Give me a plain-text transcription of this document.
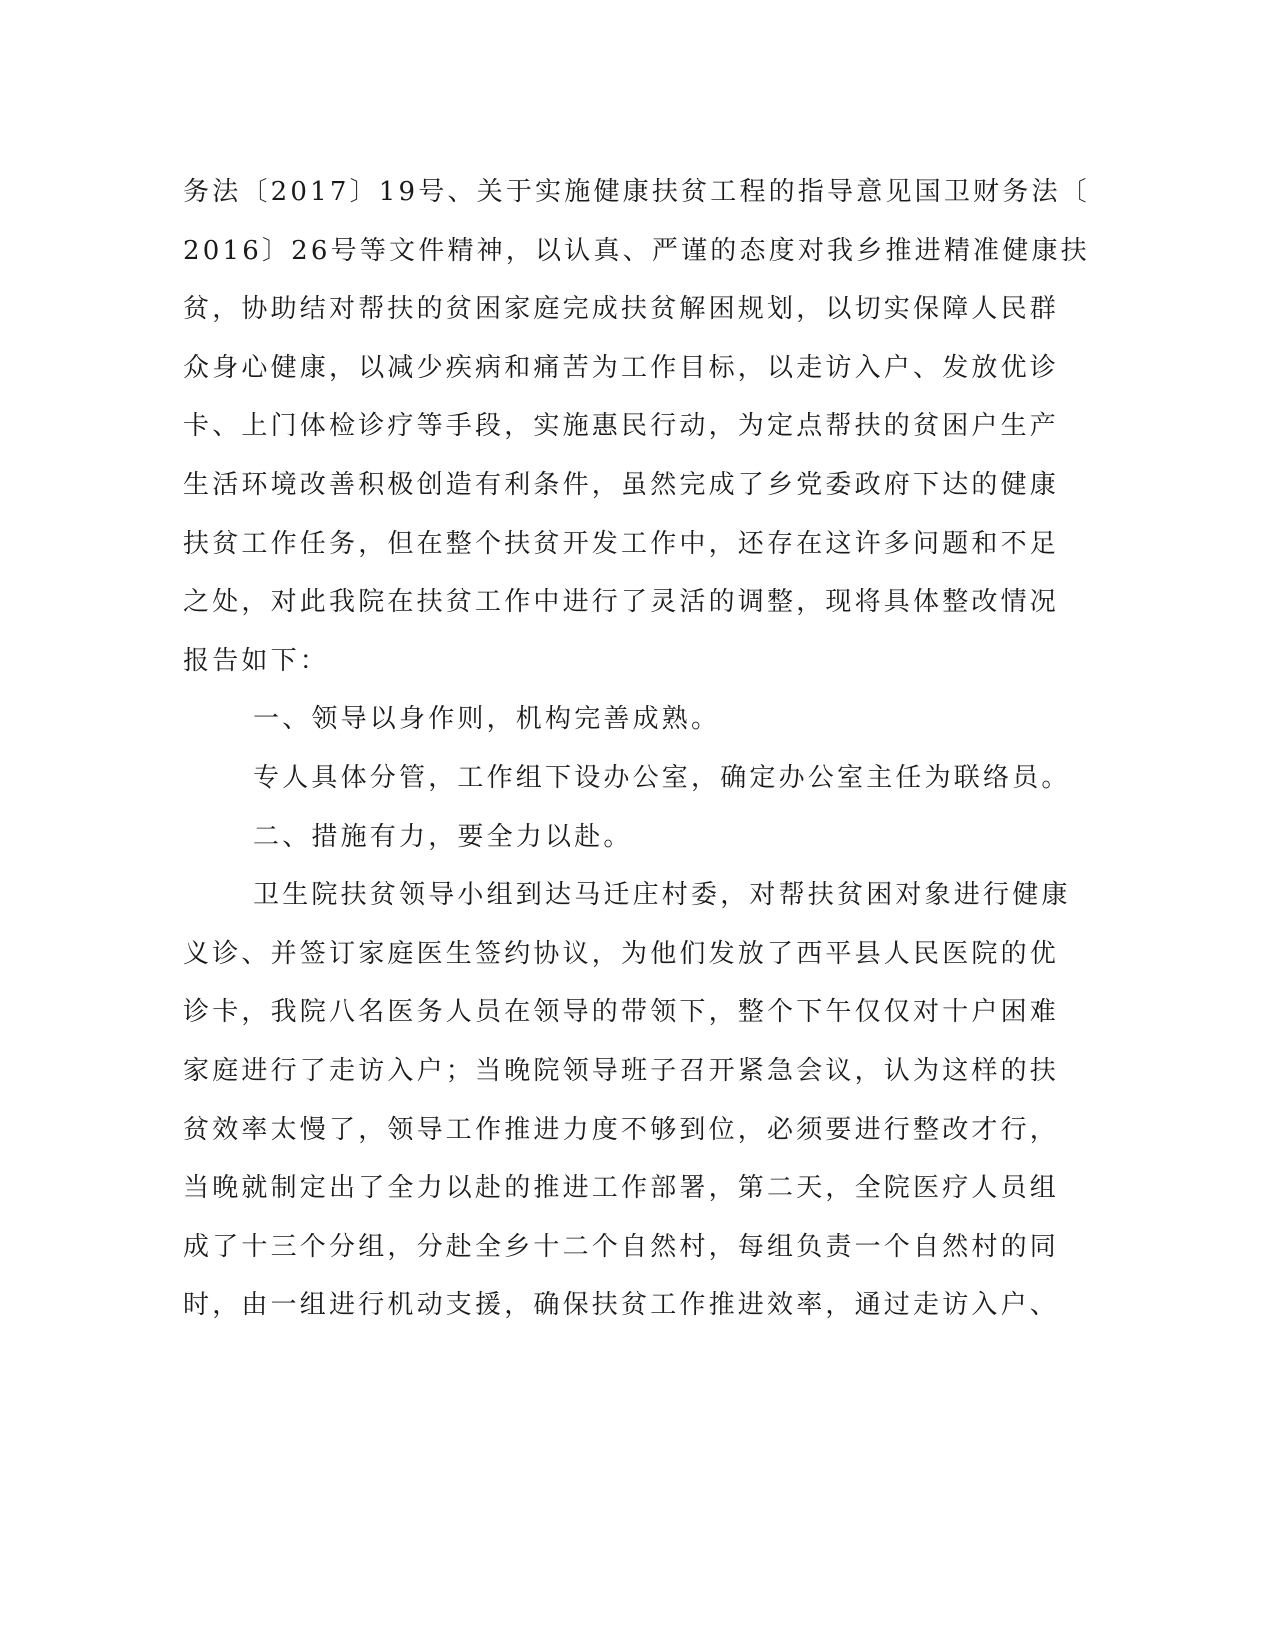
务法〔2017〕19号、关于实施健康扶贫工程的指导意见国卫财务法〔
2016〕26号等文件精神，以认真、严谨的态度对我乡推进精准健康扶
贫，协助结对帮扶的贫困家庭完成扶贫解困规划，以切实保障人民群
众身心健康，以减少疾病和痛苦为工作目标，以走访入户、发放优诊
卡、上门体检诊疗等手段，实施惠民行动，为定点帮扶的贫困户生产
生活环境改善积极创造有利条件，虽然完成了乡党委政府下达的健康
扶贫工作任务，但在整个扶贫开发工作中，还存在这许多问题和不足
之处，对此我院在扶贫工作中进行了灵活的调整，现将具体整改情况
报告如下：
一、领导以身作则，机构完善成熟。
专人具体分管，工作组下设办公室，确定办公室主任为联络员。
二、措施有力，要全力以赴。
卫生院扶贫领导小组到达马迁庄村委，对帮扶贫困对象进行健康
义诊、并签订家庭医生签约协议，为他们发放了西平县人民医院的优
诊卡，我院八名医务人员在领导的带领下，整个下午仅仅对十户困难
家庭进行了走访入户；当晚院领导班子召开紧急会议，认为这样的扶
贫效率太慢了，领导工作推进力度不够到位，必须要进行整改才行，
当晚就制定出了全力以赴的推进工作部署，第二天，全院医疗人员组
成了十三个分组，分赴全乡十二个自然村，每组负责一个自然村的同
时，由一组进行机动支援，确保扶贫工作推进效率，通过走访入户、
